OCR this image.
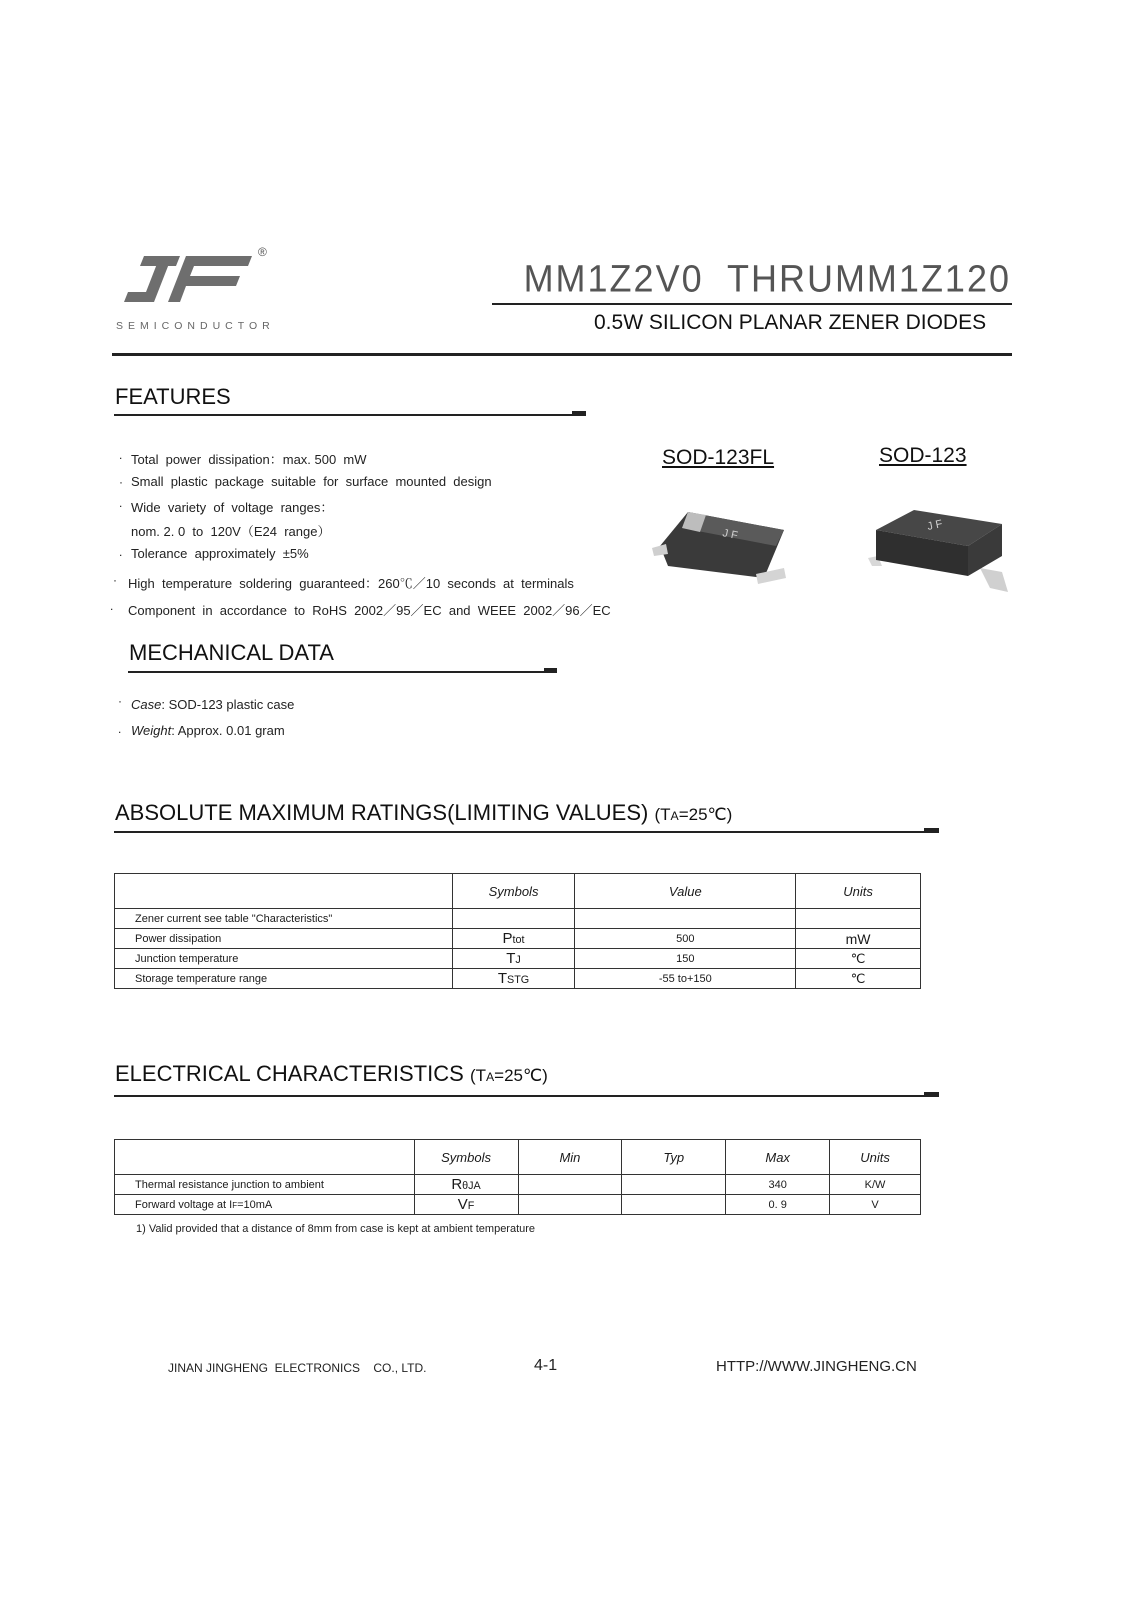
®
SEMICONDUCTOR
MM1Z2V0  THRUMM1Z120
0.5W SILICON PLANAR ZENER DIODES
FEATURES
. Total  power  dissipation：max. 500  mW
· Small  plastic  package  suitable  for  surface  mounted  design
. Wide  variety  of  voltage  ranges：
nom. 2. 0  to  120V（E24  range）
. Tolerance  approximately  ±5%
· High  temperature  soldering  guaranteed：260℃／10  seconds  at  terminals
. Component  in  accordance  to  RoHS  2002／95／EC  and  WEEE  2002／96／EC
SOD-123FL	SOD-123
J F
J F
MECHANICAL DATA
· Case: SOD-123 plastic case
. Weight: Approx. 0.01 gram
ABSOLUTE MAXIMUM RATINGS(LIMITING VALUES) (TA=25℃)
	Symbols	Value	Units
Zener current see table "Characteristics"			
Power dissipation	Ptot	500	mW
Junction temperature	TJ	150	℃
Storage temperature range	TSTG	-55 to+150	℃
ELECTRICAL CHARACTERISTICS (TA=25℃)
	Symbols	Min	Typ	Max	Units
Thermal resistance junction to ambient	RθJA			340	K/W
Forward voltage at IF=10mA	VF			0. 9	V
1) Valid provided that a distance of 8mm from case is kept at ambient temperature
JINAN JINGHENG  ELECTRONICS    CO., LTD.	4-1	HTTP://WWW.JINGHENG.CN
